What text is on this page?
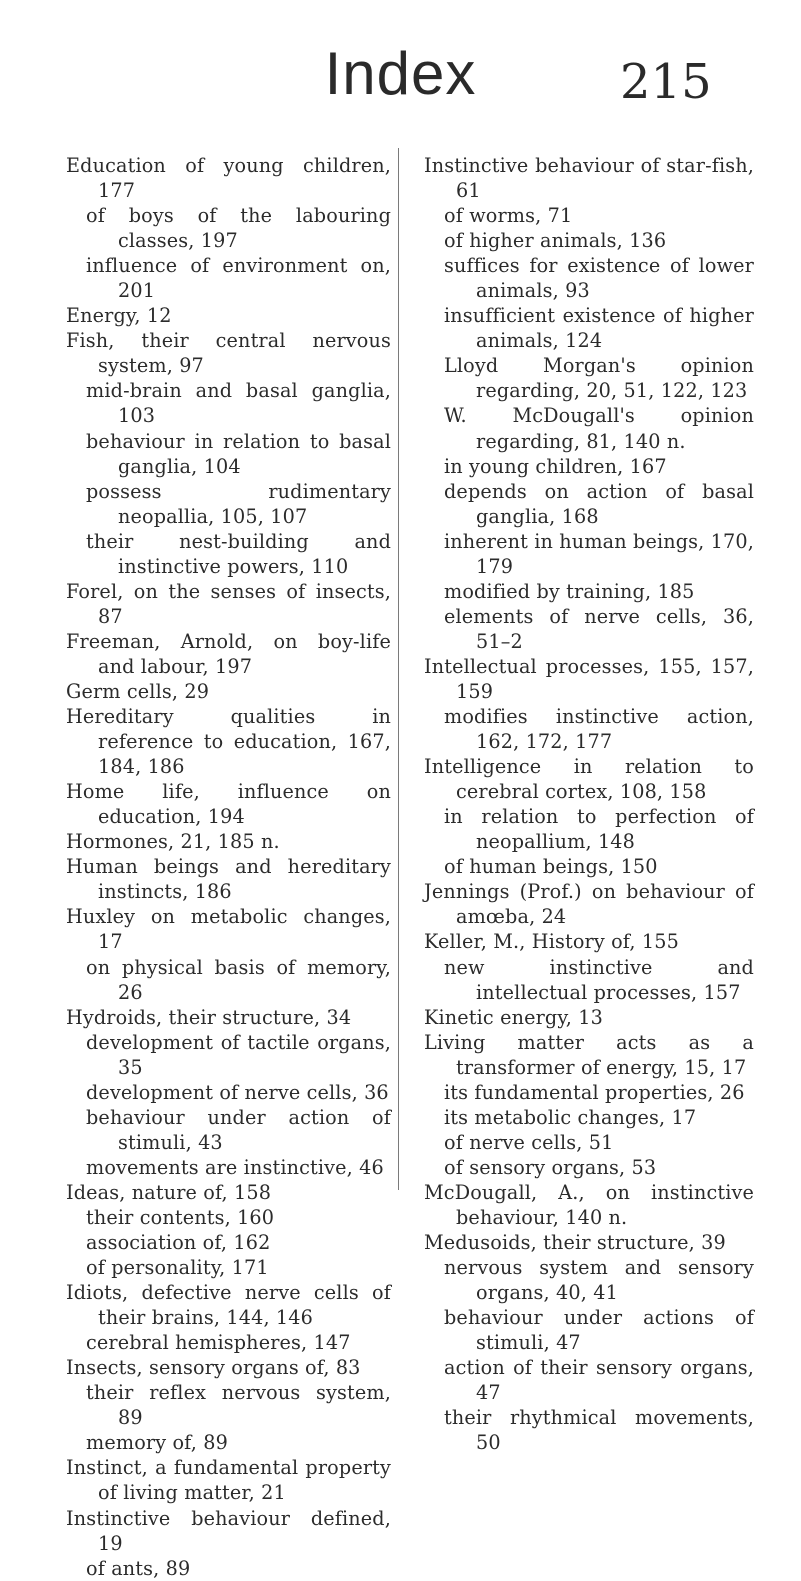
Index	215
Education of young children, 177
of boys of the labouring classes, 197
influence of environment on, 201
Energy, 12
Fish, their central nervous system, 97
mid-brain and basal ganglia, 103
behaviour in relation to basal ganglia, 104
possess rudimentary neopallia, 105, 107
their nest-building and instinctive powers, 110
Forel, on the senses of insects, 87
Freeman, Arnold, on boy-life and labour, 197
Germ cells, 29
Hereditary qualities in reference to education, 167, 184, 186
Home life, influence on education, 194
Hormones, 21, 185 n.
Human beings and hereditary instincts, 186
Huxley on metabolic changes, 17
on physical basis of memory, 26
Hydroids, their structure, 34
development of tactile organs, 35
development of nerve cells, 36
behaviour under action of stimuli, 43
movements are instinctive, 46
Ideas, nature of, 158
their contents, 160
association of, 162
of personality, 171
Idiots, defective nerve cells of their brains, 144, 146
cerebral hemispheres, 147
Insects, sensory organs of, 83
their reflex nervous system, 89
memory of, 89
Instinct, a fundamental property of living matter, 21
Instinctive behaviour defined, 19
of ants, 89
Instinctive behaviour of star-fish, 61
of worms, 71
of higher animals, 136
suffices for existence of lower animals, 93
insufficient existence of higher animals, 124
Lloyd Morgan's opinion regarding, 20, 51, 122, 123
W. McDougall's opinion regarding, 81, 140 n.
in young children, 167
depends on action of basal ganglia, 168
inherent in human beings, 170, 179
modified by training, 185
elements of nerve cells, 36, 51–2
Intellectual processes, 155, 157, 159
modifies instinctive action, 162, 172, 177
Intelligence in relation to cerebral cortex, 108, 158
in relation to perfection of neopallium, 148
of human beings, 150
Jennings (Prof.) on behaviour of amœba, 24
Keller, M., History of, 155
new instinctive and intellectual processes, 157
Kinetic energy, 13
Living matter acts as a transformer of energy, 15, 17
its fundamental properties, 26
its metabolic changes, 17
of nerve cells, 51
of sensory organs, 53
McDougall, A., on instinctive behaviour, 140 n.
Medusoids, their structure, 39
nervous system and sensory organs, 40, 41
behaviour under actions of stimuli, 47
action of their sensory organs, 47
their rhythmical movements, 50
